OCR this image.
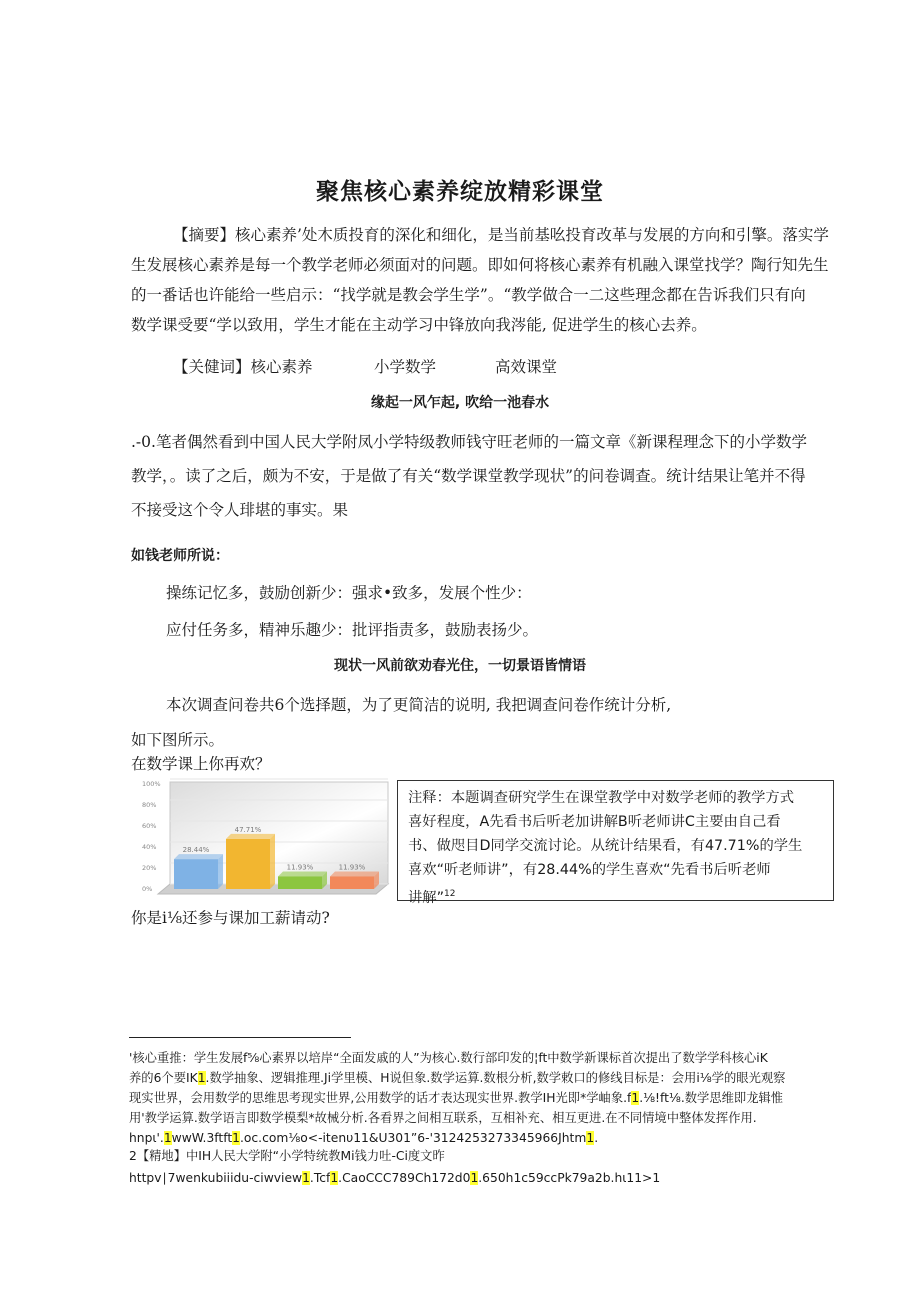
聚焦核心素养绽放精彩课堂
【摘要】核心素养’处木质投育的深化和细化，是当前基吆投育改革与发展的方向和引擎。落实学
生发展核心素养是每一个教学老师必须面对的问题。即如何将核心素养有机融入课堂找学？陶行知先生
的一番话也许能给一些启示：“找学就是教会学生学”。“教学做合一二这些理念都在告诉我们只有向
数学课受要“学以致用，学生才能在主动学习中锋放向我涔能, 促进学生的核心去养。
【关健词】核心素养	小学数学	高效课堂
缘起一风乍起, 吹给一池春水
.-0.笔者偶然看到中国人民大学附凤小学特级教师钱守旺老师的一篇文章《新课程理念下的小学数学
教学，。读了之后，颇为不安，于是做了有关“数学课堂教学现状”的问卷调查。统计结果让笔并不得
不接受这个令人琲堪的事实。果
如钱老师所说：
操练记忆多，鼓励创新少：强求•致多，发展个性少：
应付任务多，精神乐趣少：批评指责多，鼓励表扬少。
现状一风前欲劝春光住，一切景语皆情语
本次调查问卷共6个选择题，为了更简洁的说明, 我把调查问卷作统计分析,
如下图所示。
在数学课上你再欢？
0%
20%
40%
60%
80%
100%
28.44%
47.71%
11.93%	11.93%
注释：本题调查研究学生在课堂教学中对数学老师的教学方式
喜好程度，A先看书后听老加讲解B听老师讲C主要由自己看
书、做咫目D同学交流讨论。从统计结果看，有47.71%的学生
喜欢“听老师讲”，有28.44%的学生喜欢“先看书后听老师
讲解”$^{12}$
你是i⅛还参与课加工薪请动?
'核心重推：学生发展f⅝心素界以培岸“全面发戚的人”为核心.数行部印发的¦ft中数学新课标首次提出了数学学科核心iK
养的6个要IK1.数学抽象、逻辑推理.Ji学里模、H说但象.数学运算.数根分析,数学敕口的修线目标是：会用i⅛学的眼光观察
现实世界，会用数学的思维思考现实世界,公用数学的话才表达现实世界.教学IH光即*学岫象.f1.⅛!ft⅛.数学思维即龙辑惟
用'教学运算.数学语言即数学模梨*故械分析.各看界之间相互联系，互相补充、相互更进.在不同情境中整体发挥作用.
hnpι'.1wwW.3ftft1.oc.com⅛o<-itenυ11&U301”6-'3124253273345966Jhtm1.
2【精地】中IH人民大学附“小学特统教Mi钱力吐-Ci度文昨
httpv∣7wenkubiiidu-ciwview1.Tcf1.CaoCCC789Ch172d01.650h1c59ccPk79a2b.hι11>1
